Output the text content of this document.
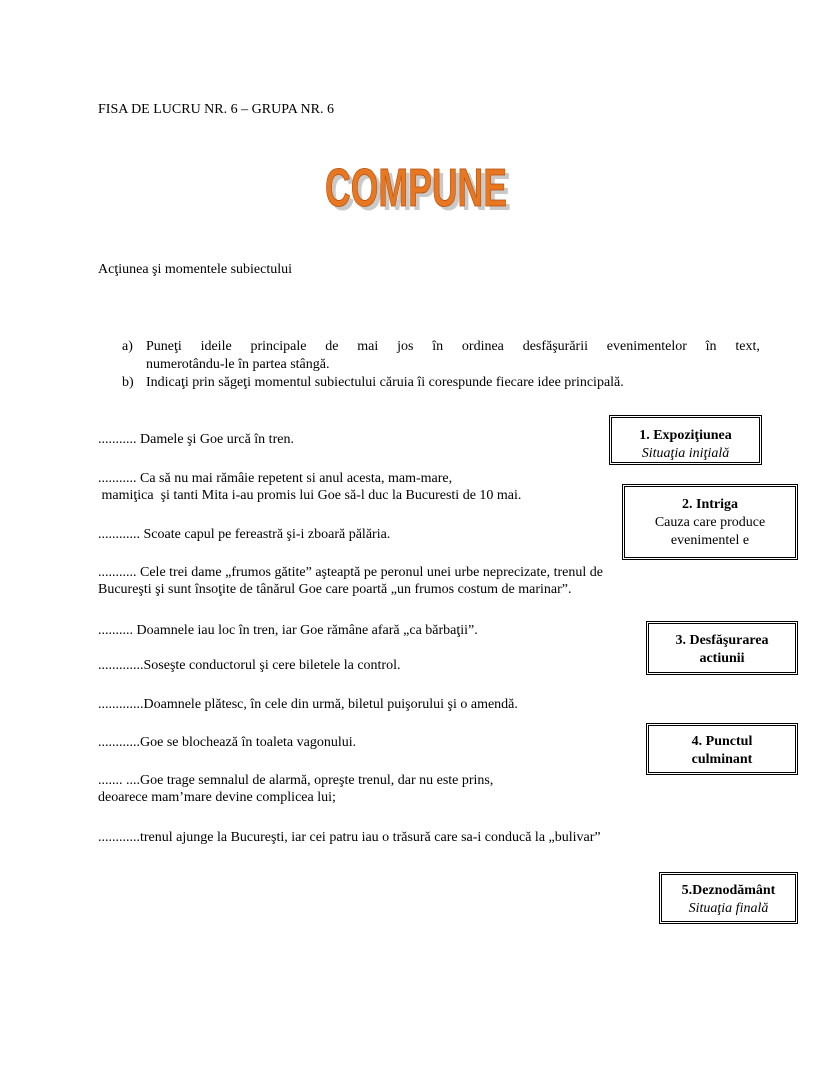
FISA DE LUCRU NR. 6 – GRUPA NR. 6
COMPUNE
COMPUNE
Acţiunea şi momentele subiectului
a) Puneţi ideile principale de mai jos în ordinea desfăşurării evenimentelor în text,
numerotându-le în partea stângă.
b) Indicaţi prin săgeţi momentul subiectului căruia îi corespunde fiecare idee principală.
........... Damele şi Goe urcă în tren.
........... Ca să nu mai rămâie repetent si anul acesta, mam-mare,
mamiţica  şi tanti Mita i-au promis lui Goe să-l duc la Bucuresti de 10 mai.
............ Scoate capul pe fereastră şi-i zboară pălăria.
........... Cele trei dame „frumos gătite” aşteaptă pe peronul unei urbe neprecizate, trenul de
Bucureşti şi sunt însoţite de tânărul Goe care poartă „un frumos costum de marinar”.
.......... Doamnele iau loc în tren, iar Goe rămâne afară „ca bărbaţii”.
.............Soseşte conductorul şi cere biletele la control.
.............Doamnele plătesc, în cele din urmă, biletul puişorului şi o amendă.
............Goe se blochează în toaleta vagonului.
....... ....Goe trage semnalul de alarmă, opreşte trenul, dar nu este prins,
deoarece mam’mare devine complicea lui;
............trenul ajunge la Bucureşti, iar cei patru iau o trăsură care sa-i conducă la „bulivar”
1. Expoziţiunea
Situaţia iniţială
2. Intriga
Cauza care produce
evenimentel e
3. Desfăşurarea
actiunii
4. Punctul
culminant
5.Deznodământ
Situaţia finală
